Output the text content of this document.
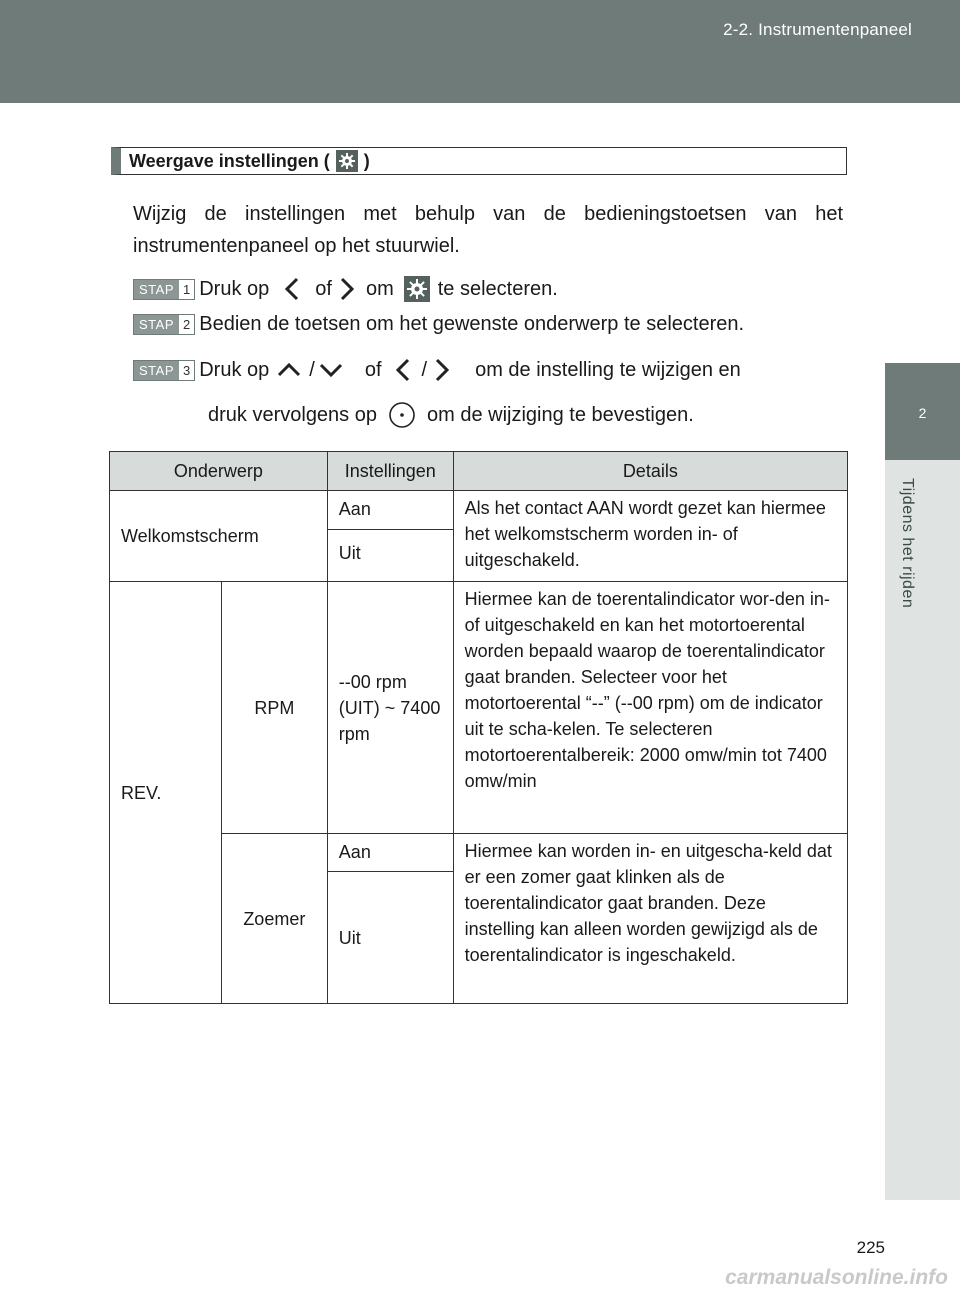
2-2. Instrumentenpaneel
2
Tijdens het rijden
Weergave instellingen ( )
Wijzig de instellingen met behulp van de bedieningstoetsen van het instrumentenpaneel op het stuurwiel.
STAP 1 Druk op of om te selecteren.
STAP 2 Bedien de toetsen om het gewenste onderwerp te selecteren.
STAP 3 Druk op /	of / om de instelling te wijzigen en
druk vervolgens op	om de wijziging te bevestigen.
Onderwerp		Instellingen	Details
Welkomstscherm		Aan	Als het contact AAN wordt gezet kan hiermee het welkomstscherm worden in- of uitgeschakeld.
		Uit	
REV.	RPM	--00 rpm (UIT) ~ 7400 rpm	Hiermee kan de toerentalindicator wor-den in- of uitgeschakeld en kan het motortoerental worden bepaald waarop de toerentalindicator gaat branden. Selecteer voor het motortoerental “--” (--00 rpm) om de indicator uit te scha-kelen. Te selecteren motortoerentalbereik: 2000 omw/min tot 7400 omw/min
	Zoemer	Aan	Hiermee kan worden in- en uitgescha-keld dat er een zomer gaat klinken als de toerentalindicator gaat branden. Deze instelling kan alleen worden gewijzigd als de toerentalindicator is ingeschakeld.
		Uit	
225
carmanualsonline.info
